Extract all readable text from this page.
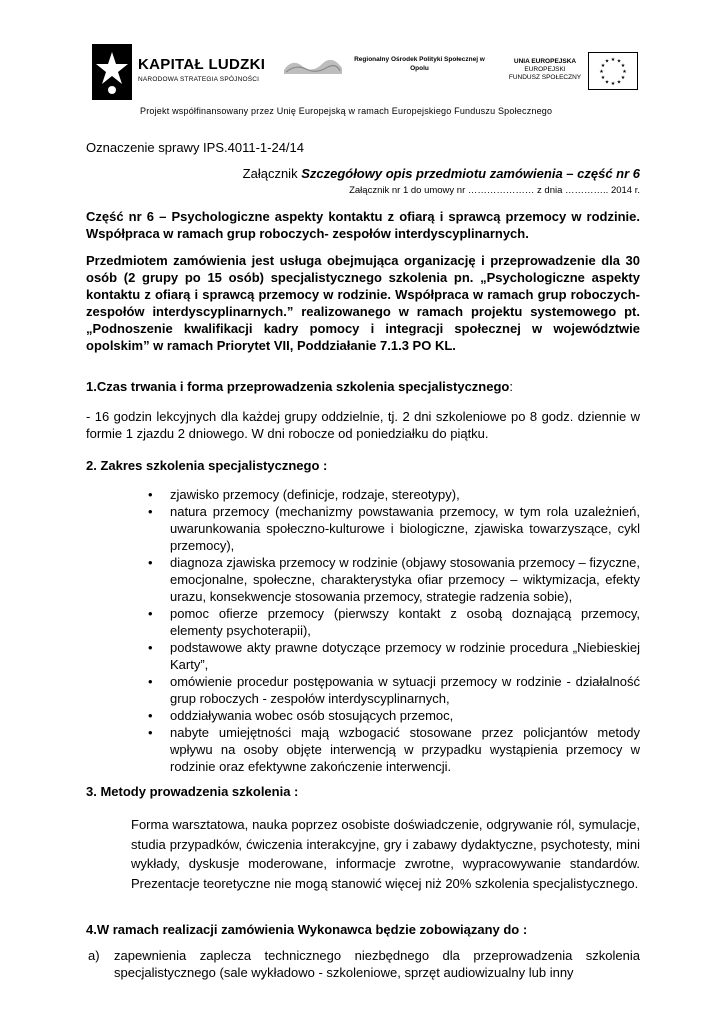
KAPITAŁ LUDZKI
NARODOWA STRATEGIA SPÓJNOŚCI
Regionalny Ośrodek Polityki Społecznej w Opolu
UNIA EUROPEJSKA
EUROPEJSKI
FUNDUSZ SPOŁECZNY
★ ★
★
★
★
★
★
★
★
★
★
★
Projekt współfinansowany przez Unię Europejską w ramach Europejskiego Funduszu Społecznego
Oznaczenie sprawy IPS.4011-1-24/14
Załącznik Szczegółowy opis przedmiotu zamówienia – część nr 6
Załącznik nr 1 do umowy nr ………………… z dnia ………….. 2014 r.
Część nr 6 – Psychologiczne aspekty kontaktu z ofiarą i sprawcą przemocy w rodzinie. Współpraca w ramach grup roboczych- zespołów interdyscyplinarnych.
Przedmiotem zamówienia jest usługa obejmująca organizację i przeprowadzenie dla 30 osób (2 grupy po 15 osób) specjalistycznego szkolenia pn. „Psychologiczne aspekty kontaktu z ofiarą i sprawcą przemocy w rodzinie. Współpraca w ramach grup roboczych- zespołów interdyscyplinarnych.” realizowanego w ramach projektu systemowego pt. „Podnoszenie kwalifikacji kadry pomocy i integracji społecznej w województwie opolskim” w ramach Priorytet VII, Poddziałanie 7.1.3 PO KL.
1.Czas trwania i forma przeprowadzenia szkolenia specjalistycznego:
- 16 godzin lekcyjnych dla każdej grupy oddzielnie, tj. 2 dni szkoleniowe po 8 godz. dziennie w formie 1 zjazdu 2 dniowego. W dni robocze od poniedziałku do piątku.
2. Zakres szkolenia specjalistycznego :
• zjawisko przemocy (definicje, rodzaje, stereotypy),
• natura przemocy (mechanizmy powstawania przemocy, w tym rola uzależnień, uwarunkowania społeczno-kulturowe i biologiczne, zjawiska towarzyszące, cykl przemocy),
• diagnoza zjawiska przemocy w rodzinie (objawy stosowania przemocy – fizyczne, emocjonalne, społeczne, charakterystyka ofiar przemocy – wiktymizacja, efekty urazu, konsekwencje stosowania przemocy, strategie radzenia sobie),
• pomoc ofierze przemocy (pierwszy kontakt z osobą doznającą przemocy, elementy psychoterapii),
• podstawowe akty prawne dotyczące przemocy w rodzinie procedura „Niebieskiej Karty”,
• omówienie procedur postępowania w sytuacji przemocy w rodzinie - działalność grup roboczych - zespołów interdyscyplinarnych,
• oddziaływania wobec osób stosujących przemoc,
• nabyte umiejętności mają wzbogacić stosowane przez policjantów metody wpływu na osoby objęte interwencją w przypadku wystąpienia przemocy w rodzinie oraz efektywne zakończenie interwencji.
3. Metody prowadzenia szkolenia :
Forma warsztatowa, nauka poprzez osobiste doświadczenie, odgrywanie ról, symulacje, studia przypadków, ćwiczenia interakcyjne, gry i zabawy dydaktyczne, psychotesty, mini wykłady, dyskusje moderowane, informacje zwrotne, wypracowywanie standardów. Prezentacje teoretyczne nie mogą stanowić więcej niż 20% szkolenia specjalistycznego.
4.W ramach realizacji zamówienia Wykonawca będzie zobowiązany do :
a) zapewnienia zaplecza technicznego niezbędnego dla przeprowadzenia szkolenia specjalistycznego (sale wykładowo - szkoleniowe, sprzęt audiowizualny lub inny
